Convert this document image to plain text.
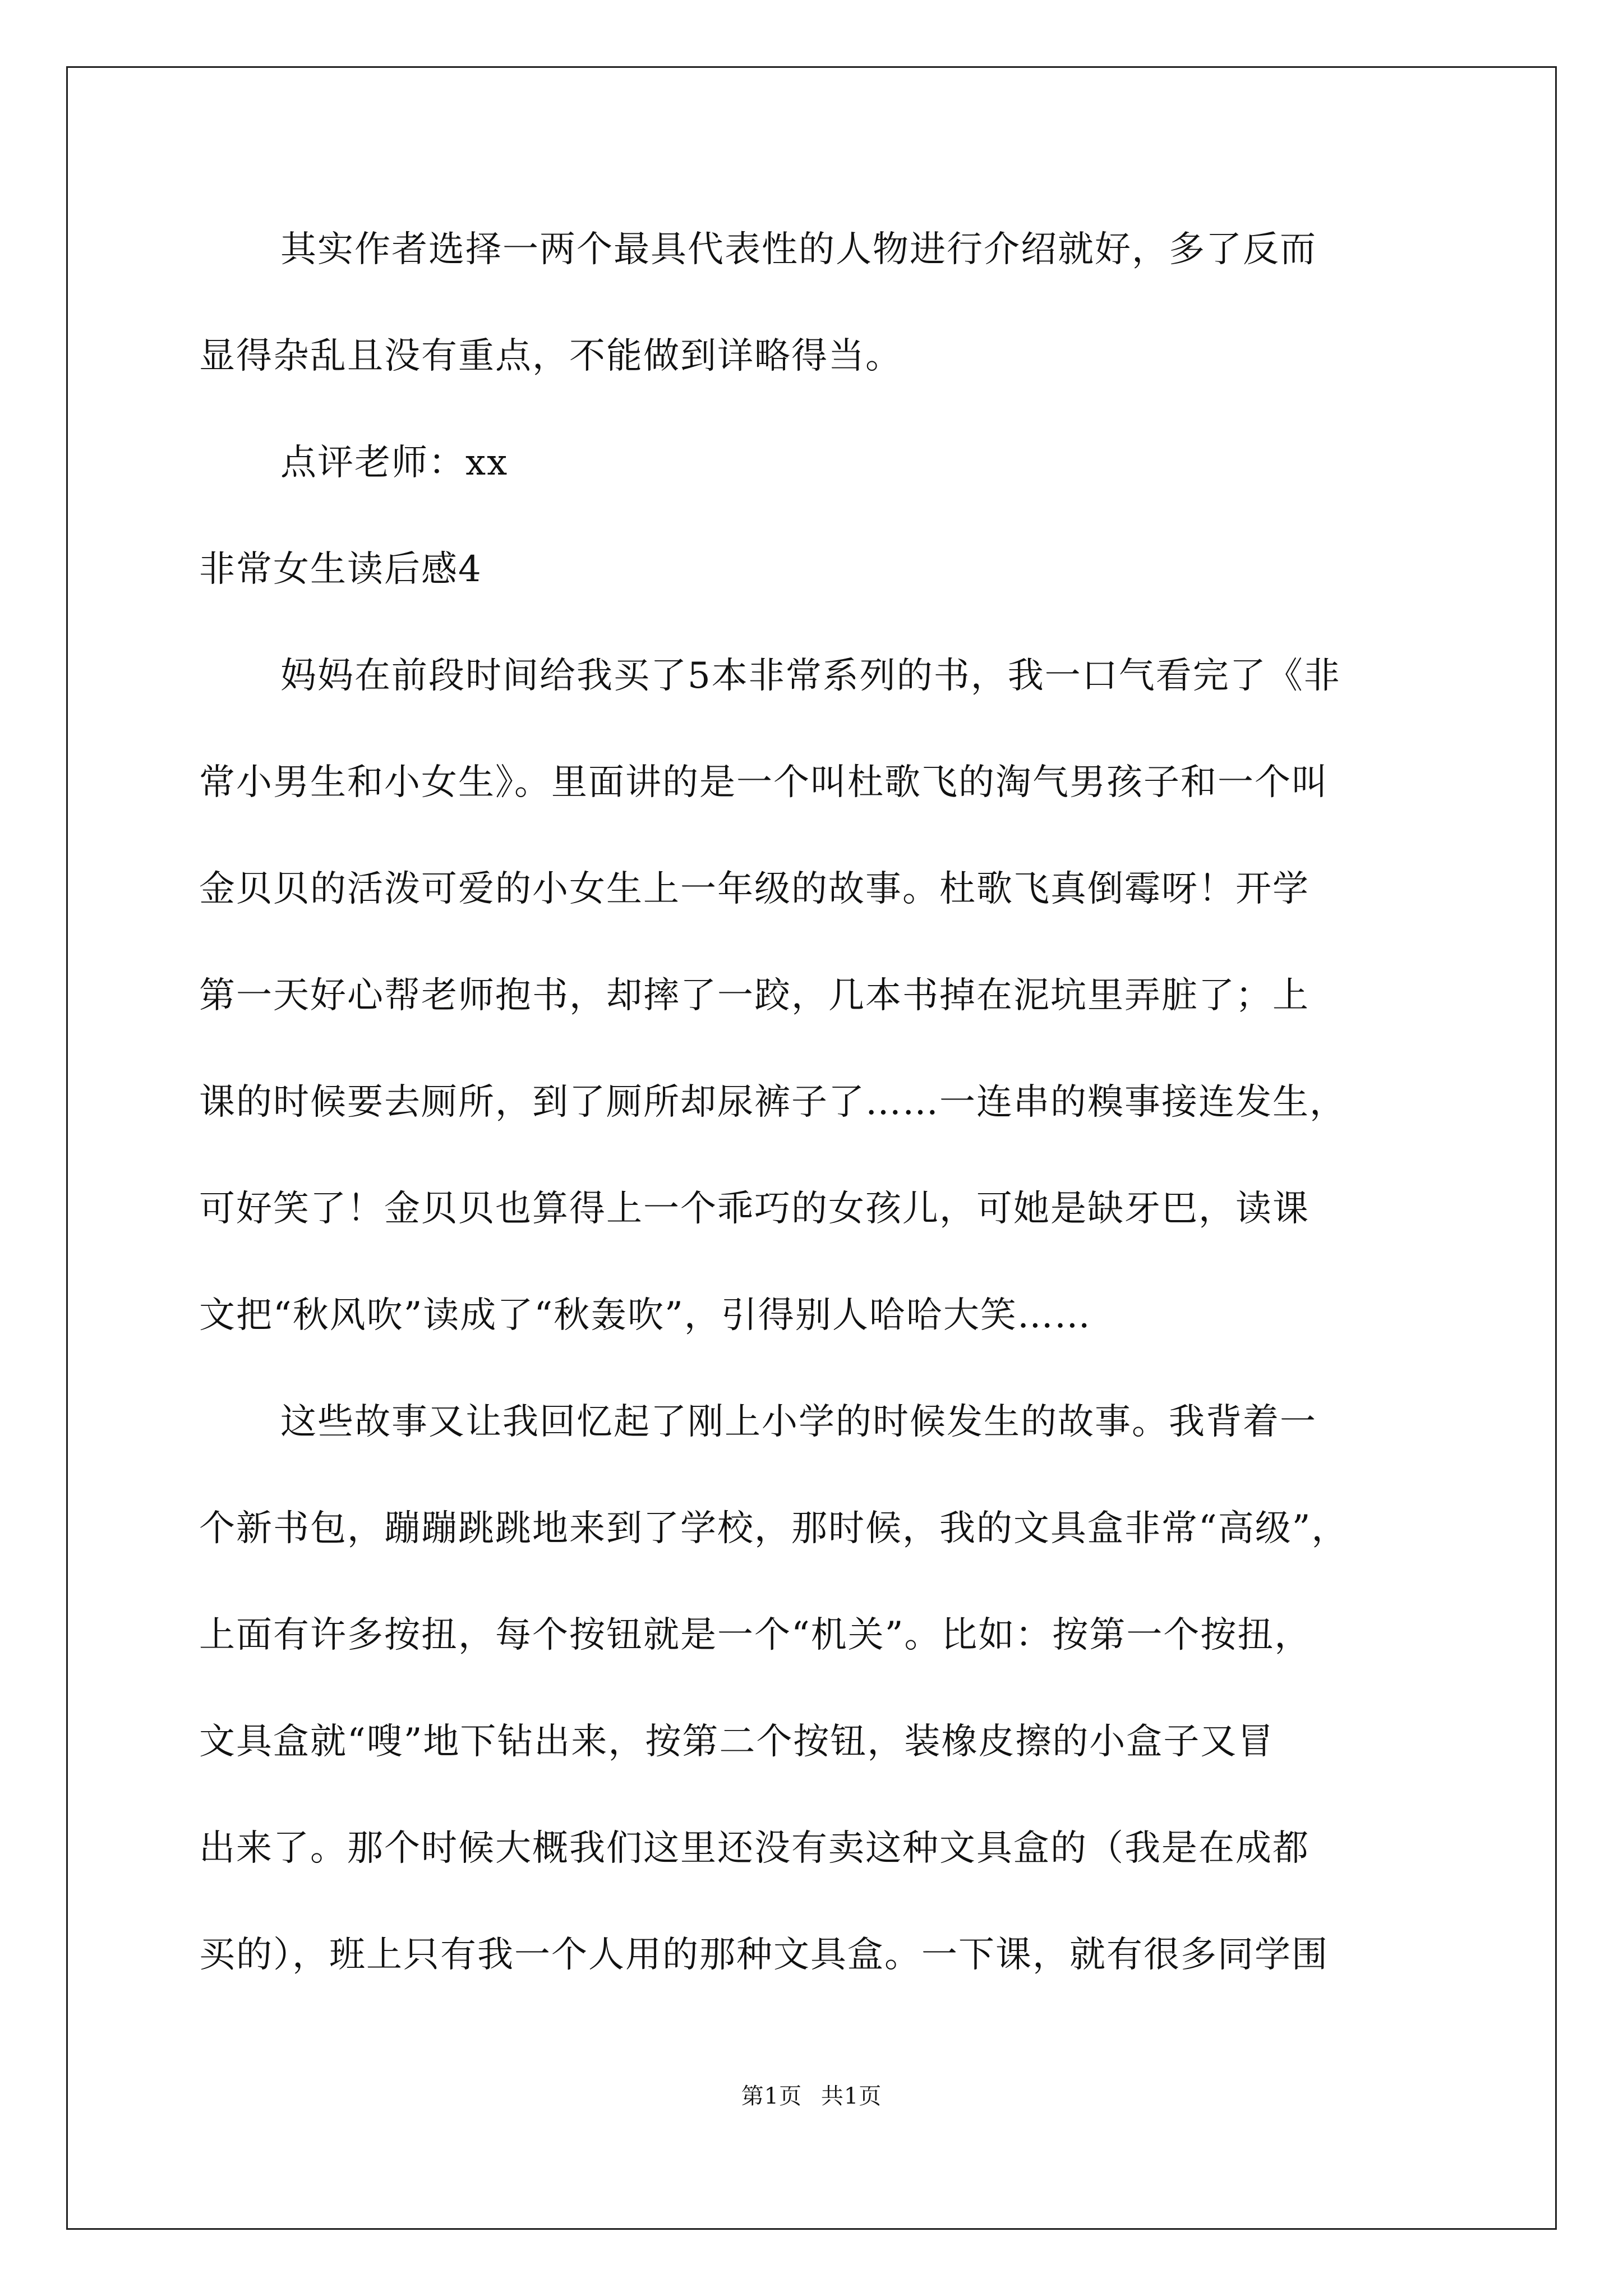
其实作者选择一两个最具代表性的人物进行介绍就好，多了反而
显得杂乱且没有重点，不能做到详略得当。
点评老师：xx
非常女生读后感4
妈妈在前段时间给我买了5本非常系列的书，我一口气看完了《非
常小男生和小女生》。里面讲的是一个叫杜歌飞的淘气男孩子和一个叫
金贝贝的活泼可爱的小女生上一年级的故事。杜歌飞真倒霉呀！开学
第一天好心帮老师抱书，却摔了一跤，几本书掉在泥坑里弄脏了；上
课的时候要去厕所，到了厕所却尿裤子了……一连串的糗事接连发生，
可好笑了！金贝贝也算得上一个乖巧的女孩儿，可她是缺牙巴，读课
文把“秋风吹”读成了“秋轰吹”，引得别人哈哈大笑……
这些故事又让我回忆起了刚上小学的时候发生的故事。我背着一
个新书包，蹦蹦跳跳地来到了学校，那时候，我的文具盒非常“高级”，
上面有许多按扭，每个按钮就是一个“机关”。比如：按第一个按扭，
文具盒就“嗖”地下钻出来，按第二个按钮，装橡皮擦的小盒子又冒
出来了。那个时候大概我们这里还没有卖这种文具盒的（我是在成都
买的），班上只有我一个人用的那种文具盒。一下课，就有很多同学围
第1页 共1页
